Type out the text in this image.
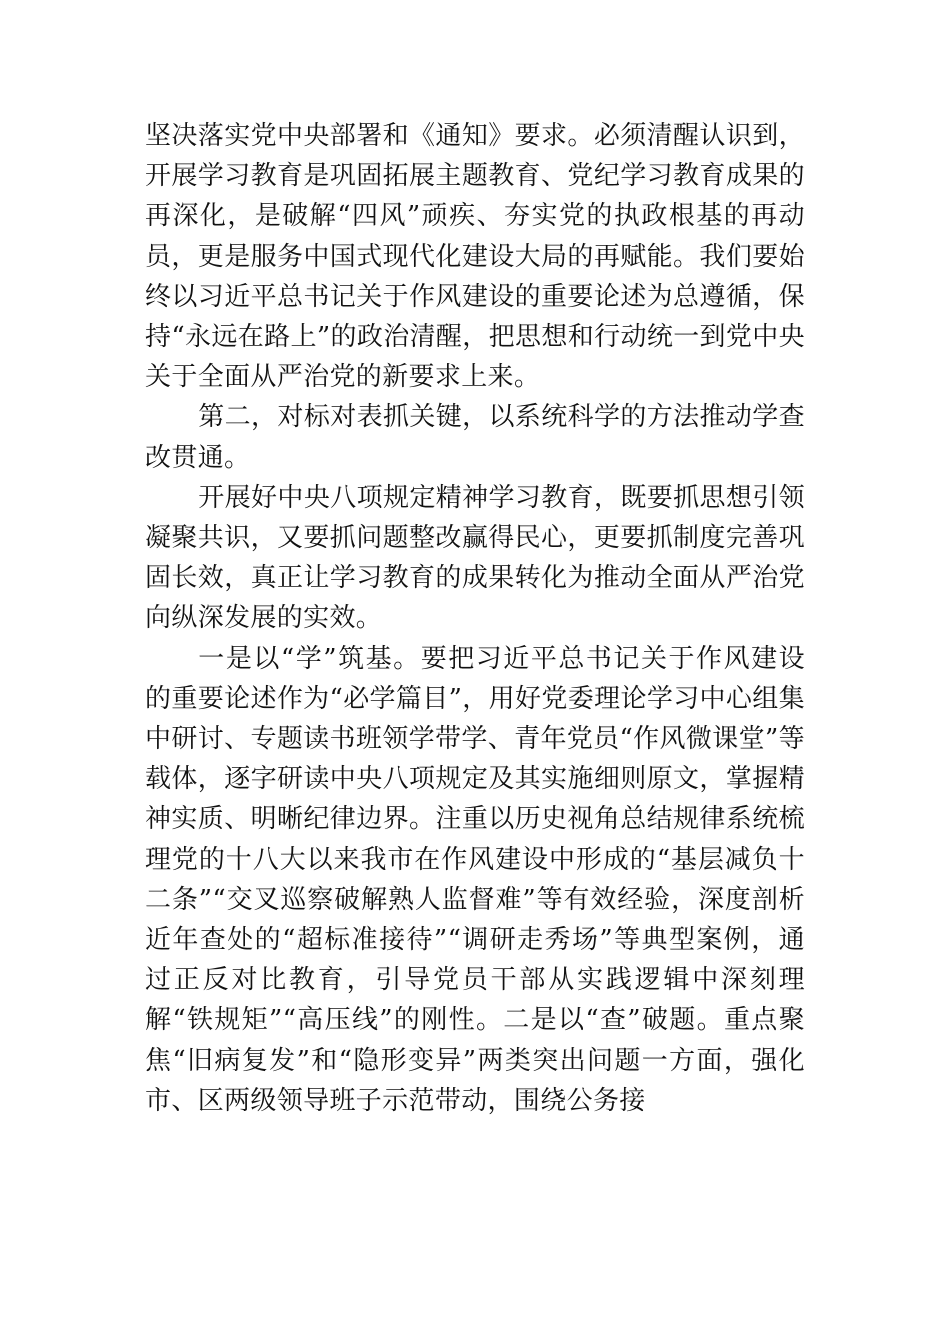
坚决落实党中央部署和《通知》要求。必须清醒认识到，开展学习教育是巩固拓展主题教育、党纪学习教育成果的再深化，是破解“四风”顽疾、夯实党的执政根基的再动员，更是服务中国式现代化建设大局的再赋能。我们要始终以习近平总书记关于作风建设的重要论述为总遵循，保持“永远在路上”的政治清醒，把思想和行动统一到党中央关于全面从严治党的新要求上来。

第二，对标对表抓关键，以系统科学的方法推动学查改贯通。

开展好中央八项规定精神学习教育，既要抓思想引领凝聚共识，又要抓问题整改赢得民心，更要抓制度完善巩固长效，真正让学习教育的成果转化为推动全面从严治党向纵深发展的实效。

一是以“学”筑基。要把习近平总书记关于作风建设的重要论述作为“必学篇目”，用好党委理论学习中心组集中研讨、专题读书班领学带学、青年党员“作风微课堂”等载体，逐字研读中央八项规定及其实施细则原文，掌握精神实质、明晰纪律边界。注重以历史视角总结规律系统梳理党的十八大以来我市在作风建设中形成的“基层减负十二条”“交叉巡察破解熟人监督难”等有效经验，深度剖析近年查处的“超标准接待”“调研走秀场”等典型案例，通过正反对比教育，引导党员干部从实践逻辑中深刻理解“铁规矩”“高压线”的刚性。二是以“查”破题。重点聚焦“旧病复发”和“隐形变异”两类突出问题一方面，强化市、区两级领导班子示范带动，围绕公务接
